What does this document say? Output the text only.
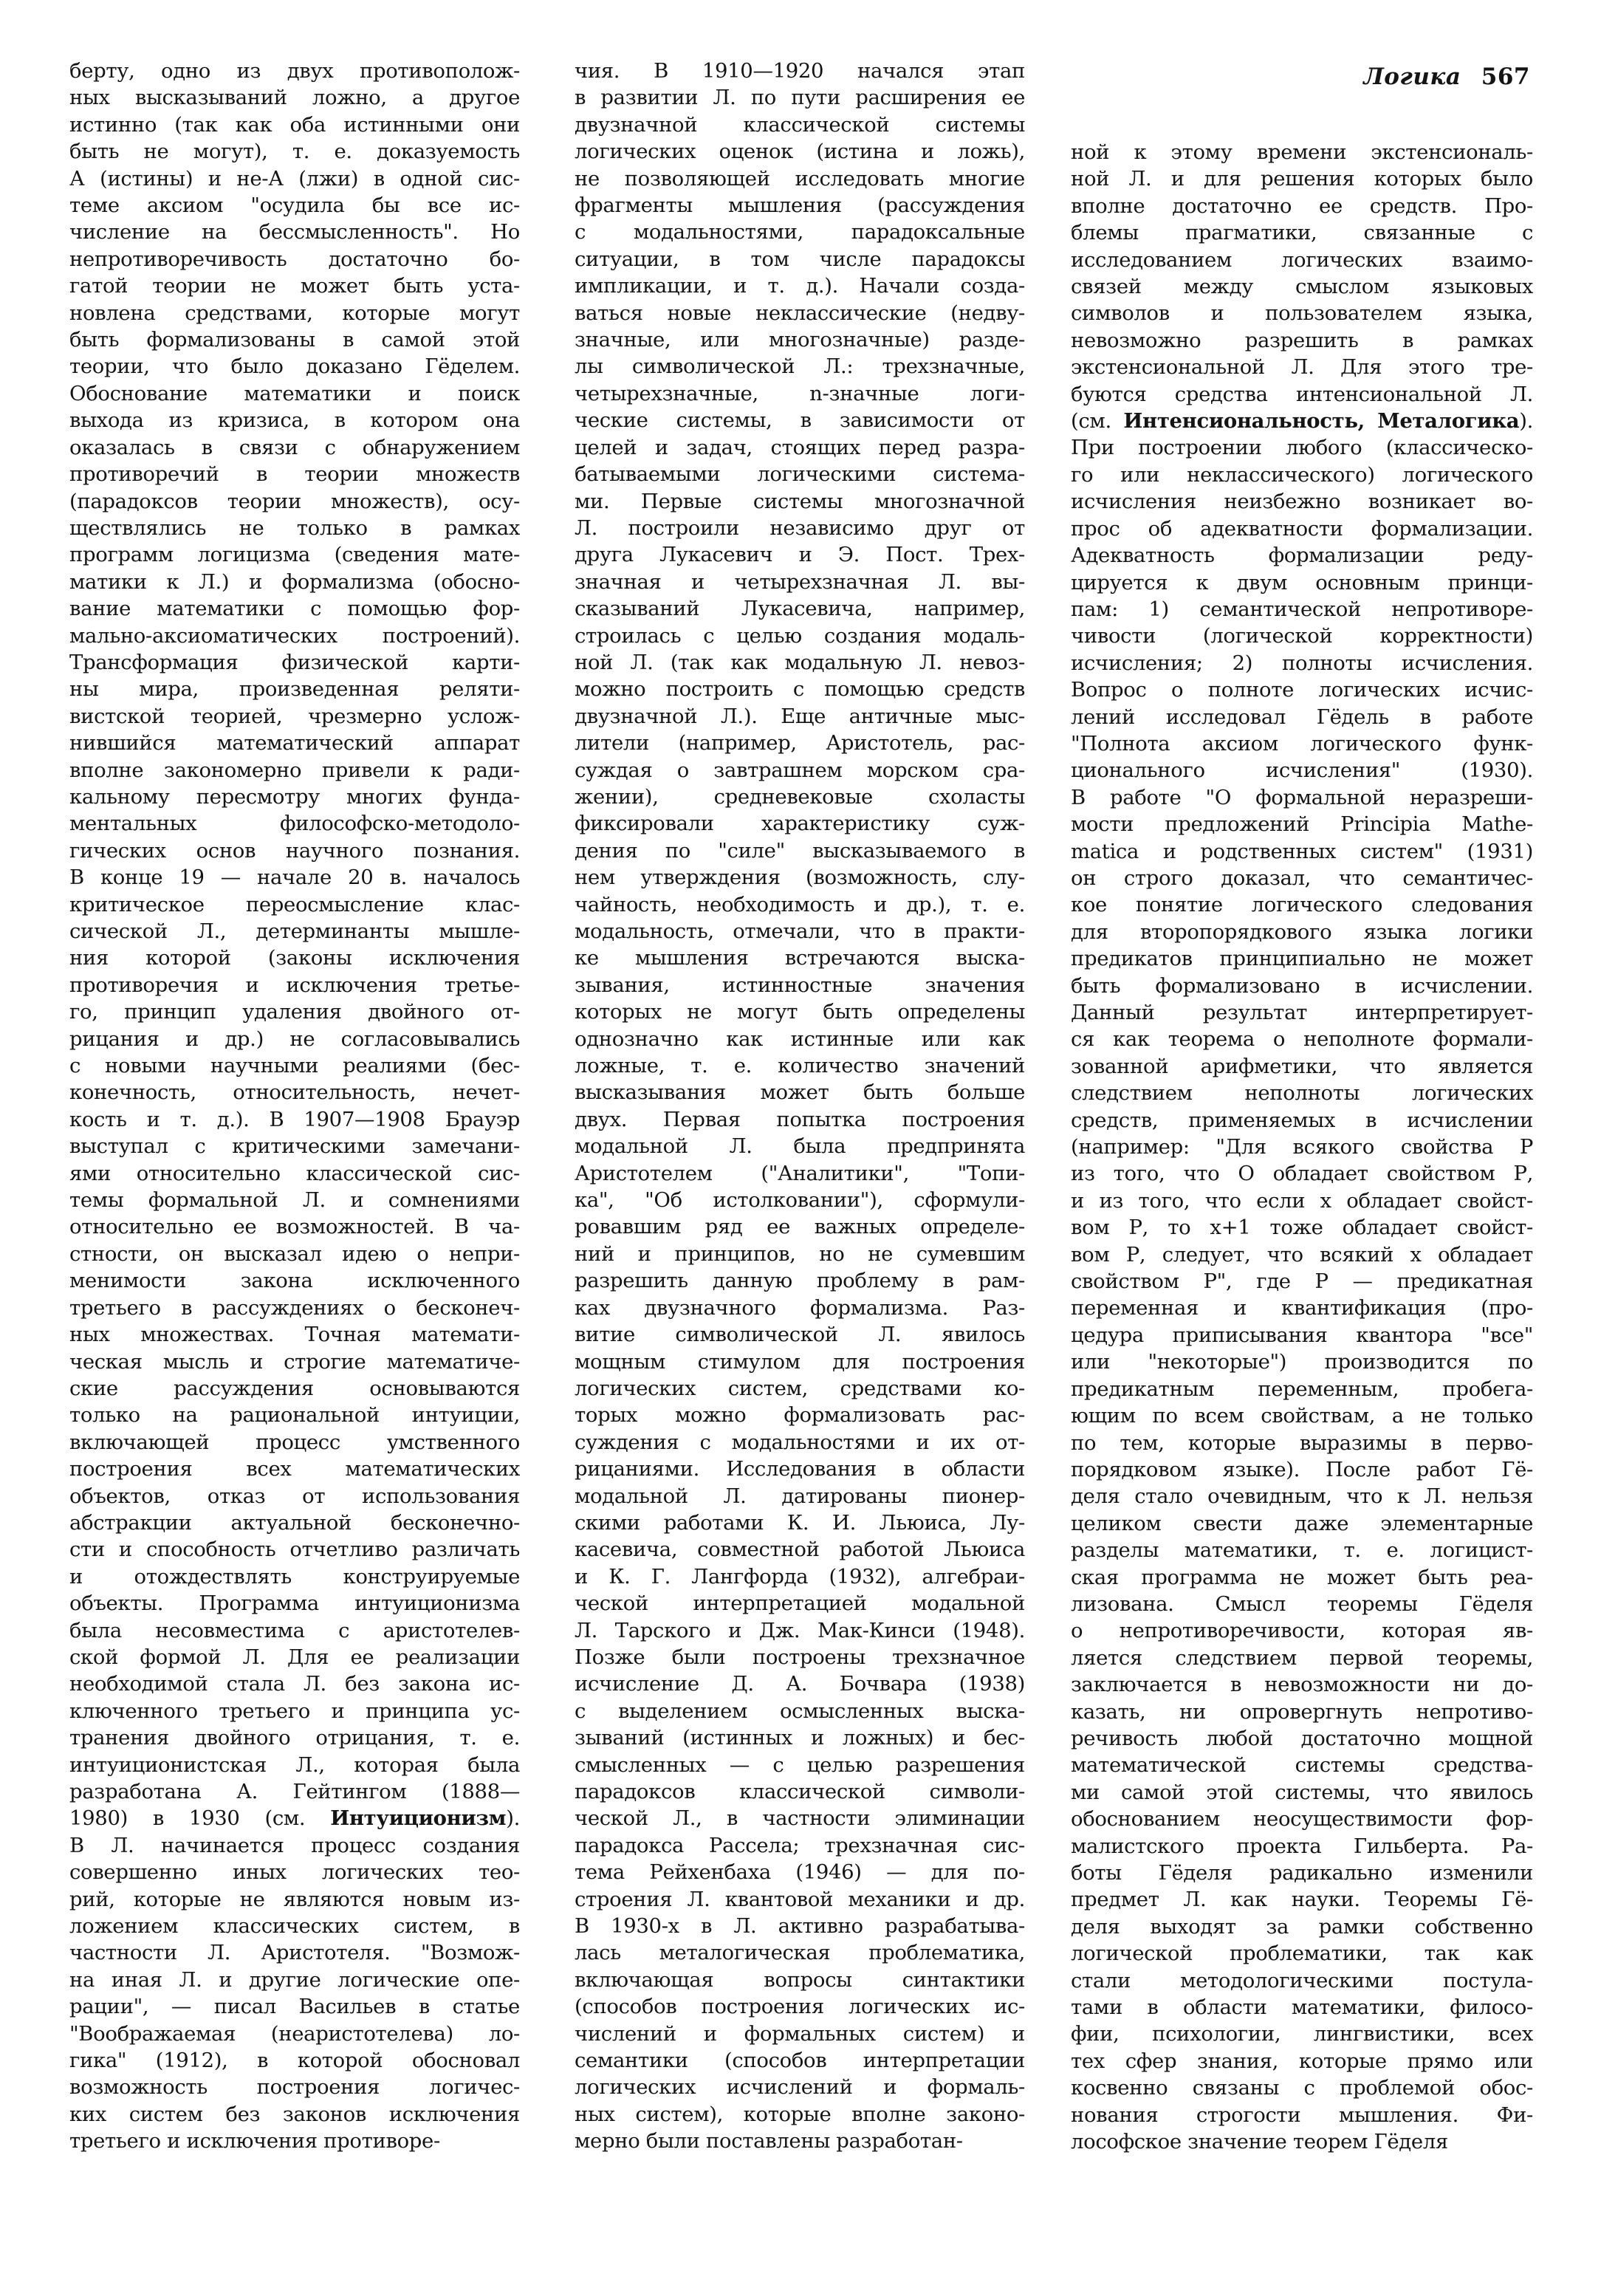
Логика 567
берту, одно из двух противополож-
ных высказываний ложно, а другое
истинно (так как оба истинными они
быть не могут), т. е. доказуемость
А (истины) и не-А (лжи) в одной сис-
теме аксиом "осудила бы все ис-
числение на бессмысленность". Но
непротиворечивость достаточно бо-
гатой теории не может быть уста-
новлена средствами, которые могут
быть формализованы в самой этой
теории, что было доказано Гёделем.
Обоснование математики и поиск
выхода из кризиса, в котором она
оказалась в связи с обнаружением
противоречий в теории множеств
(парадоксов теории множеств), осу-
ществлялись не только в рамках
программ логицизма (сведения мате-
матики к Л.) и формализма (обосно-
вание математики с помощью фор-
мально-аксиоматических построений).
Трансформация физической карти-
ны мира, произведенная реляти-
вистской теорией, чрезмерно услож-
нившийся математический аппарат
вполне закономерно привели к ради-
кальному пересмотру многих фунда-
ментальных философско-методоло-
гических основ научного познания.
В конце 19 — начале 20 в. началось
критическое переосмысление клас-
сической Л., детерминанты мышле-
ния которой (законы исключения
противоречия и исключения третье-
го, принцип удаления двойного от-
рицания и др.) не согласовывались
с новыми научными реалиями (бес-
конечность, относительность, нечет-
кость и т. д.). В 1907—1908 Брауэр
выступал с критическими замечани-
ями относительно классической сис-
темы формальной Л. и сомнениями
относительно ее возможностей. В ча-
стности, он высказал идею о непри-
менимости закона исключенного
третьего в рассуждениях о бесконеч-
ных множествах. Точная математи-
ческая мысль и строгие математиче-
ские рассуждения основываются
только на рациональной интуиции,
включающей процесс умственного
построения всех математических
объектов, отказ от использования
абстракции актуальной бесконечно-
сти и способность отчетливо различать
и отождествлять конструируемые
объекты. Программа интуиционизма
была несовместима с аристотелев-
ской формой Л. Для ее реализации
необходимой стала Л. без закона ис-
ключенного третьего и принципа ус-
транения двойного отрицания, т. е.
интуиционистская Л., которая была
разработана А. Гейтингом (1888—
1980) в 1930 (см. Интуиционизм).
В Л. начинается процесс создания
совершенно иных логических тео-
рий, которые не являются новым из-
ложением классических систем, в
частности Л. Аристотеля. "Возмож-
на иная Л. и другие логические опе-
рации", — писал Васильев в статье
"Воображаемая (неаристотелева) ло-
гика" (1912), в которой обосновал
возможность построения логичес-
ких систем без законов исключения
третьего и исключения противоре-
чия. В 1910—1920 начался этап
в развитии Л. по пути расширения ее
двузначной классической системы
логических оценок (истина и ложь),
не позволяющей исследовать многие
фрагменты мышления (рассуждения
с модальностями, парадоксальные
ситуации, в том числе парадоксы
импликации, и т. д.). Начали созда-
ваться новые неклассические (недву-
значные, или многозначные) разде-
лы символической Л.: трехзначные,
четырехзначные, n-значные логи-
ческие системы, в зависимости от
целей и задач, стоящих перед разра-
батываемыми логическими система-
ми. Первые системы многозначной
Л. построили независимо друг от
друга Лукасевич и Э. Пост. Трех-
значная и четырехзначная Л. вы-
сказываний Лукасевича, например,
строилась с целью создания модаль-
ной Л. (так как модальную Л. невоз-
можно построить с помощью средств
двузначной Л.). Еще античные мыс-
лители (например, Аристотель, рас-
суждая о завтрашнем морском сра-
жении), средневековые схоласты
фиксировали характеристику суж-
дения по "силе" высказываемого в
нем утверждения (возможность, слу-
чайность, необходимость и др.), т. е.
модальность, отмечали, что в практи-
ке мышления встречаются выска-
зывания, истинностные значения
которых не могут быть определены
однозначно как истинные или как
ложные, т. е. количество значений
высказывания может быть больше
двух. Первая попытка построения
модальной Л. была предпринята
Аристотелем ("Аналитики", "Топи-
ка", "Об истолковании"), сформули-
ровавшим ряд ее важных определе-
ний и принципов, но не сумевшим
разрешить данную проблему в рам-
ках двузначного формализма. Раз-
витие символической Л. явилось
мощным стимулом для построения
логических систем, средствами ко-
торых можно формализовать рас-
суждения с модальностями и их от-
рицаниями. Исследования в области
модальной Л. датированы пионер-
скими работами К. И. Льюиса, Лу-
касевича, совместной работой Льюиса
и К. Г. Лангфорда (1932), алгебраи-
ческой интерпретацией модальной
Л. Тарского и Дж. Мак-Кинси (1948).
Позже были построены трехзначное
исчисление Д. А. Бочвара (1938)
с выделением осмысленных выска-
зываний (истинных и ложных) и бес-
смысленных — с целью разрешения
парадоксов классической символи-
ческой Л., в частности элиминации
парадокса Рассела; трехзначная сис-
тема Рейхенбаха (1946) — для по-
строения Л. квантовой механики и др.
В 1930-х в Л. активно разрабатыва-
лась металогическая проблематика,
включающая вопросы синтактики
(способов построения логических ис-
числений и формальных систем) и
семантики (способов интерпретации
логических исчислений и формаль-
ных систем), которые вполне законо-
мерно были поставлены разработан-
ной к этому времени экстенсиональ-
ной Л. и для решения которых было
вполне достаточно ее средств. Про-
блемы прагматики, связанные с
исследованием логических взаимо-
связей между смыслом языковых
символов и пользователем языка,
невозможно разрешить в рамках
экстенсиональной Л. Для этого тре-
буются средства интенсиональной Л.
(см. Интенсиональность, Металогика).
При построении любого (классическо-
го или неклассического) логического
исчисления неизбежно возникает во-
прос об адекватности формализации.
Адекватность формализации реду-
цируется к двум основным принци-
пам: 1) семантической непротиворе-
чивости (логической корректности)
исчисления; 2) полноты исчисления.
Вопрос о полноте логических исчис-
лений исследовал Гёдель в работе
"Полнота аксиом логического функ-
ционального исчисления" (1930).
В работе "О формальной неразреши-
мости предложений Principia Mathe-
matica и родственных систем" (1931)
он строго доказал, что семантичес-
кое понятие логического следования
для второпорядкового языка логики
предикатов принципиально не может
быть формализовано в исчислении.
Данный результат интерпретирует-
ся как теорема о неполноте формали-
зованной арифметики, что является
следствием неполноты логических
средств, применяемых в исчислении
(например: "Для всякого свойства Р
из того, что О обладает свойством Р,
и из того, что если х обладает свойст-
вом Р, то х+1 тоже обладает свойст-
вом Р, следует, что всякий х обладает
свойством Р", где Р — предикатная
переменная и квантификация (про-
цедура приписывания квантора "все"
или "некоторые") производится по
предикатным переменным, пробега-
ющим по всем свойствам, а не только
по тем, которые выразимы в перво-
порядковом языке). После работ Гё-
деля стало очевидным, что к Л. нельзя
целиком свести даже элементарные
разделы математики, т. е. логицист-
ская программа не может быть реа-
лизована. Смысл теоремы Гёделя
о непротиворечивости, которая яв-
ляется следствием первой теоремы,
заключается в невозможности ни до-
казать, ни опровергнуть непротиво-
речивость любой достаточно мощной
математической системы средства-
ми самой этой системы, что явилось
обоснованием неосуществимости фор-
малистского проекта Гильберта. Ра-
боты Гёделя радикально изменили
предмет Л. как науки. Теоремы Гё-
деля выходят за рамки собственно
логической проблематики, так как
стали методологическими постула-
тами в области математики, филосо-
фии, психологии, лингвистики, всех
тех сфер знания, которые прямо или
косвенно связаны с проблемой обос-
нования строгости мышления. Фи-
лософское значение теорем Гёделя
